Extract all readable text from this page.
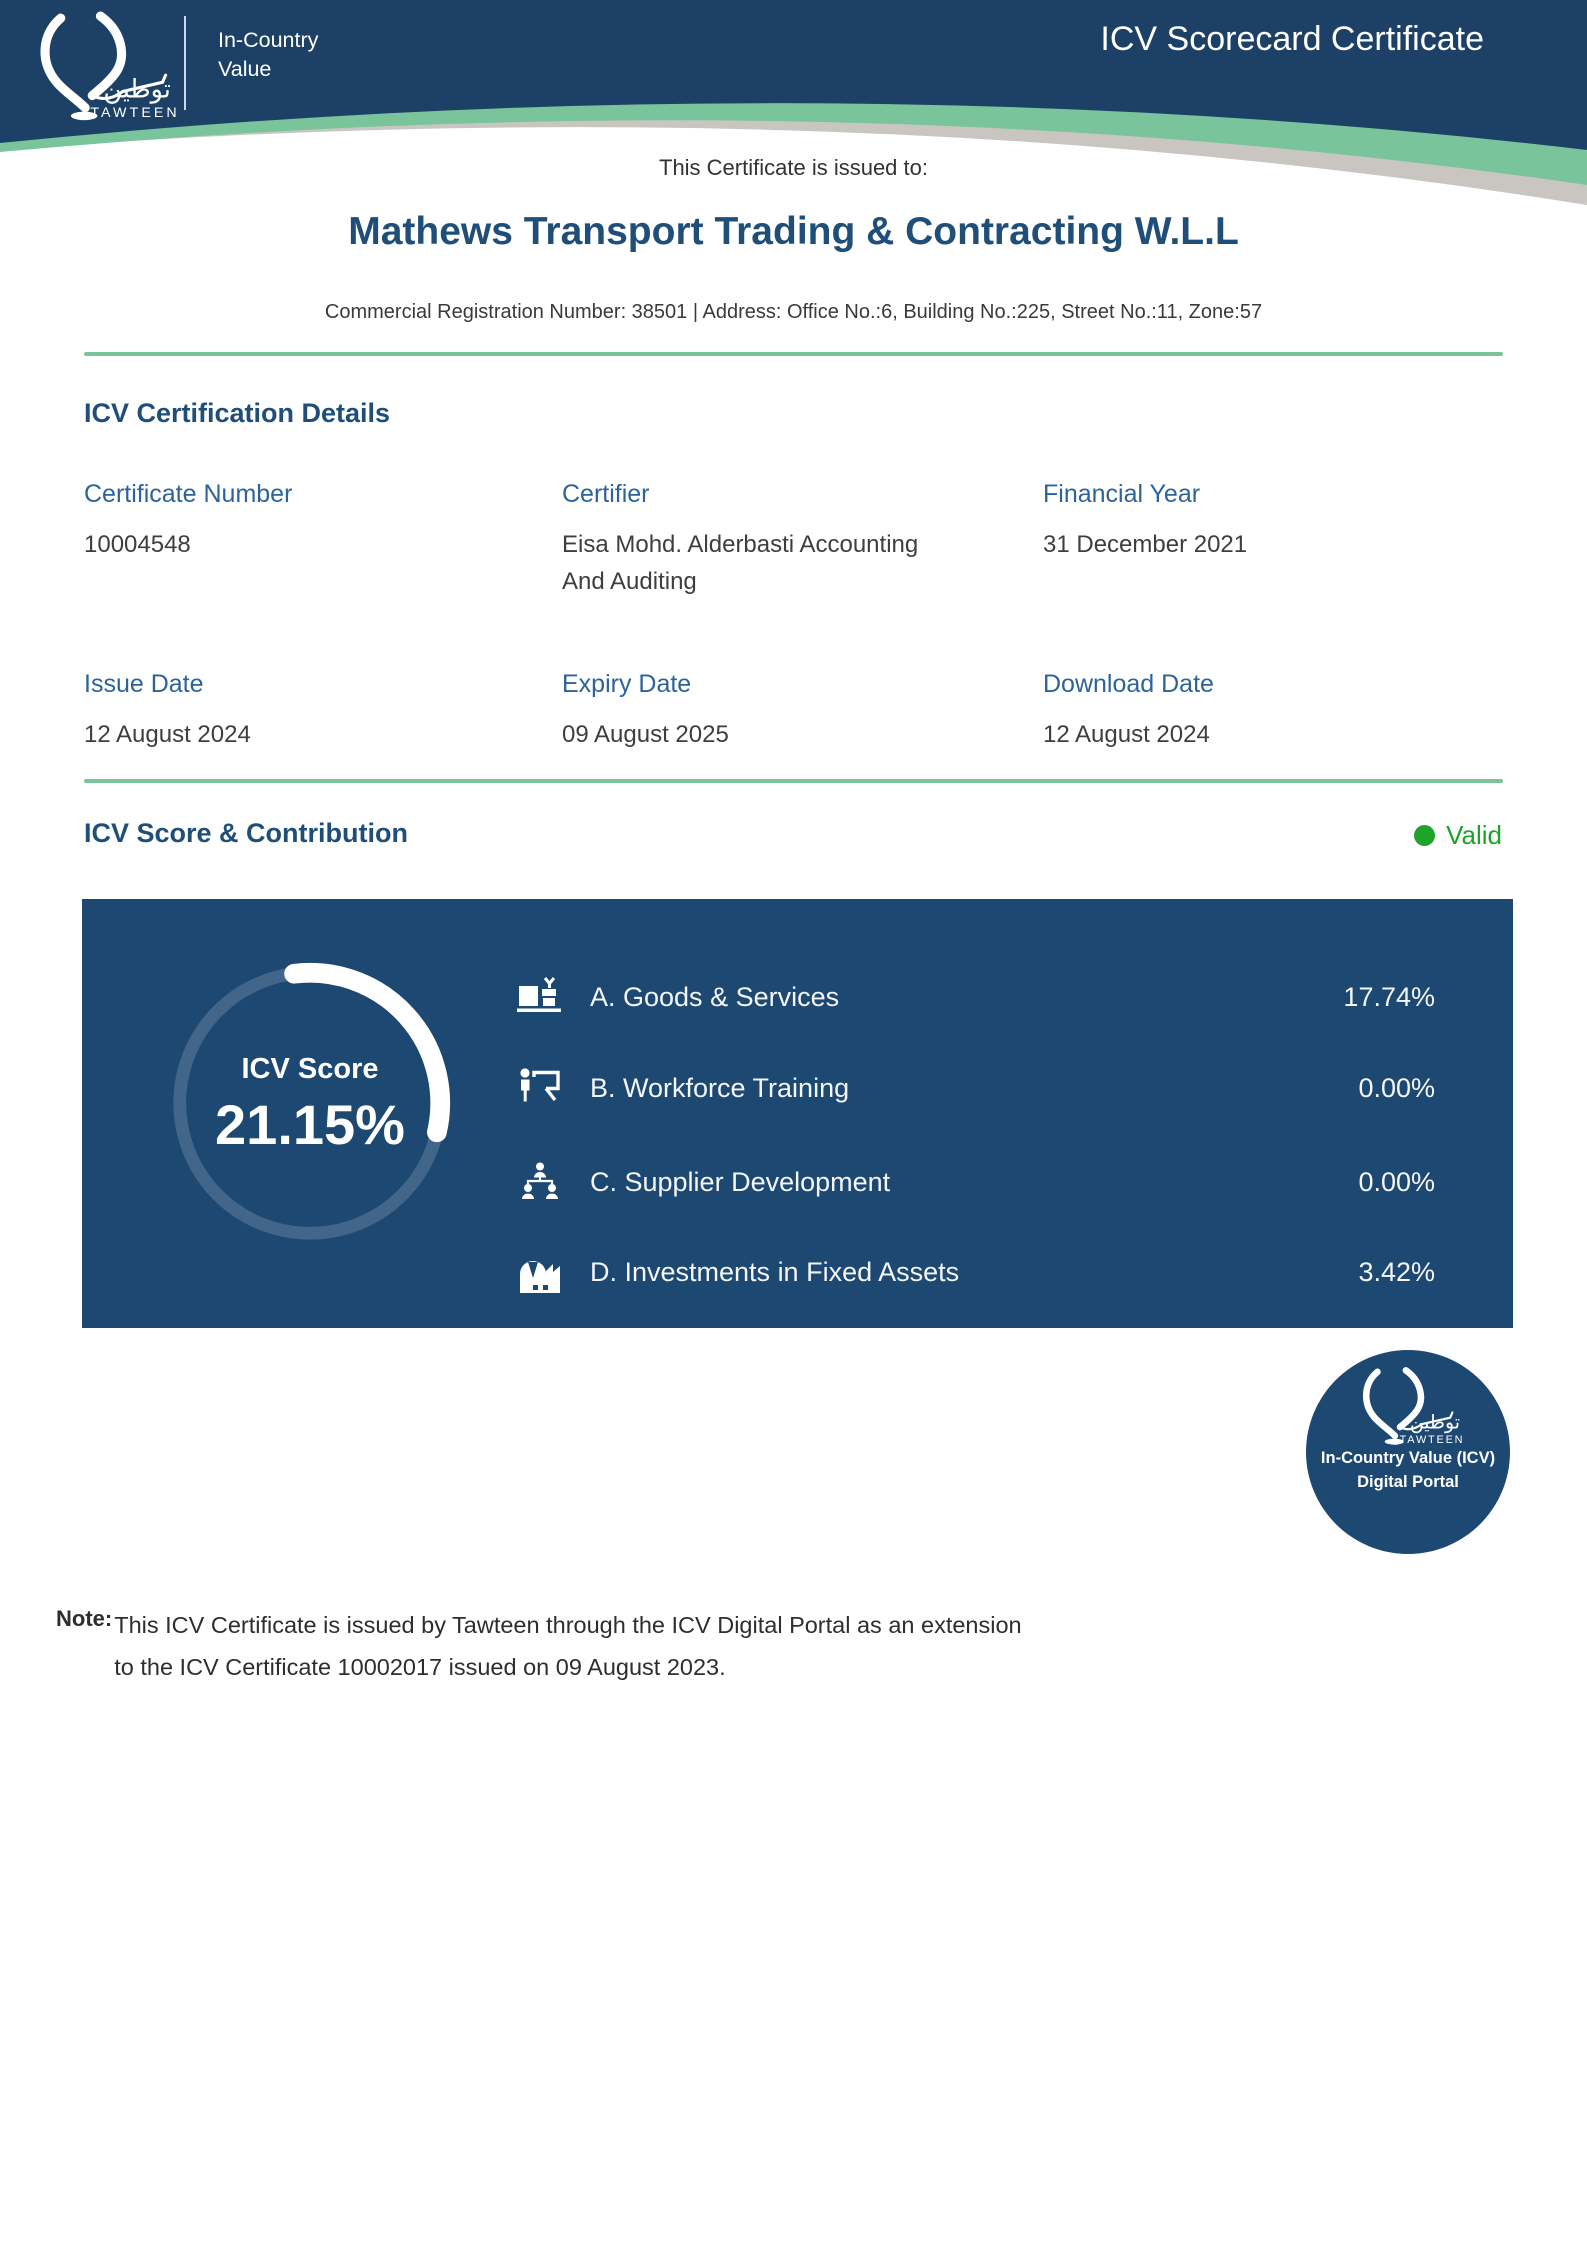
توطين
TAWTEEN
In-Country
Value
ICV Scorecard Certificate
This Certificate is issued to:
Mathews Transport Trading & Contracting W.L.L
Commercial Registration Number: 38501 | Address: Office No.:6, Building No.:225, Street No.:11, Zone:57
ICV Certification Details
Certificate Number
10004548
Certifier
Eisa Mohd. Alderbasti Accounting And Auditing
Financial Year
31 December 2021
Issue Date
12 August 2024
Expiry Date
09 August 2025
Download Date
12 August 2024
ICV Score & Contribution	Valid
ICV Score
21.15%
A. Goods & Services	17.74%
B. Workforce Training	0.00%
C. Supplier Development	0.00%
D. Investments in Fixed Assets	3.42%
توطين
TAWTEEN
In-Country Value (ICV)
Digital Portal
Note: This ICV Certificate is issued by Tawteen through the ICV Digital Portal as an extension to the ICV Certificate 10002017 issued on 09 August 2023.
